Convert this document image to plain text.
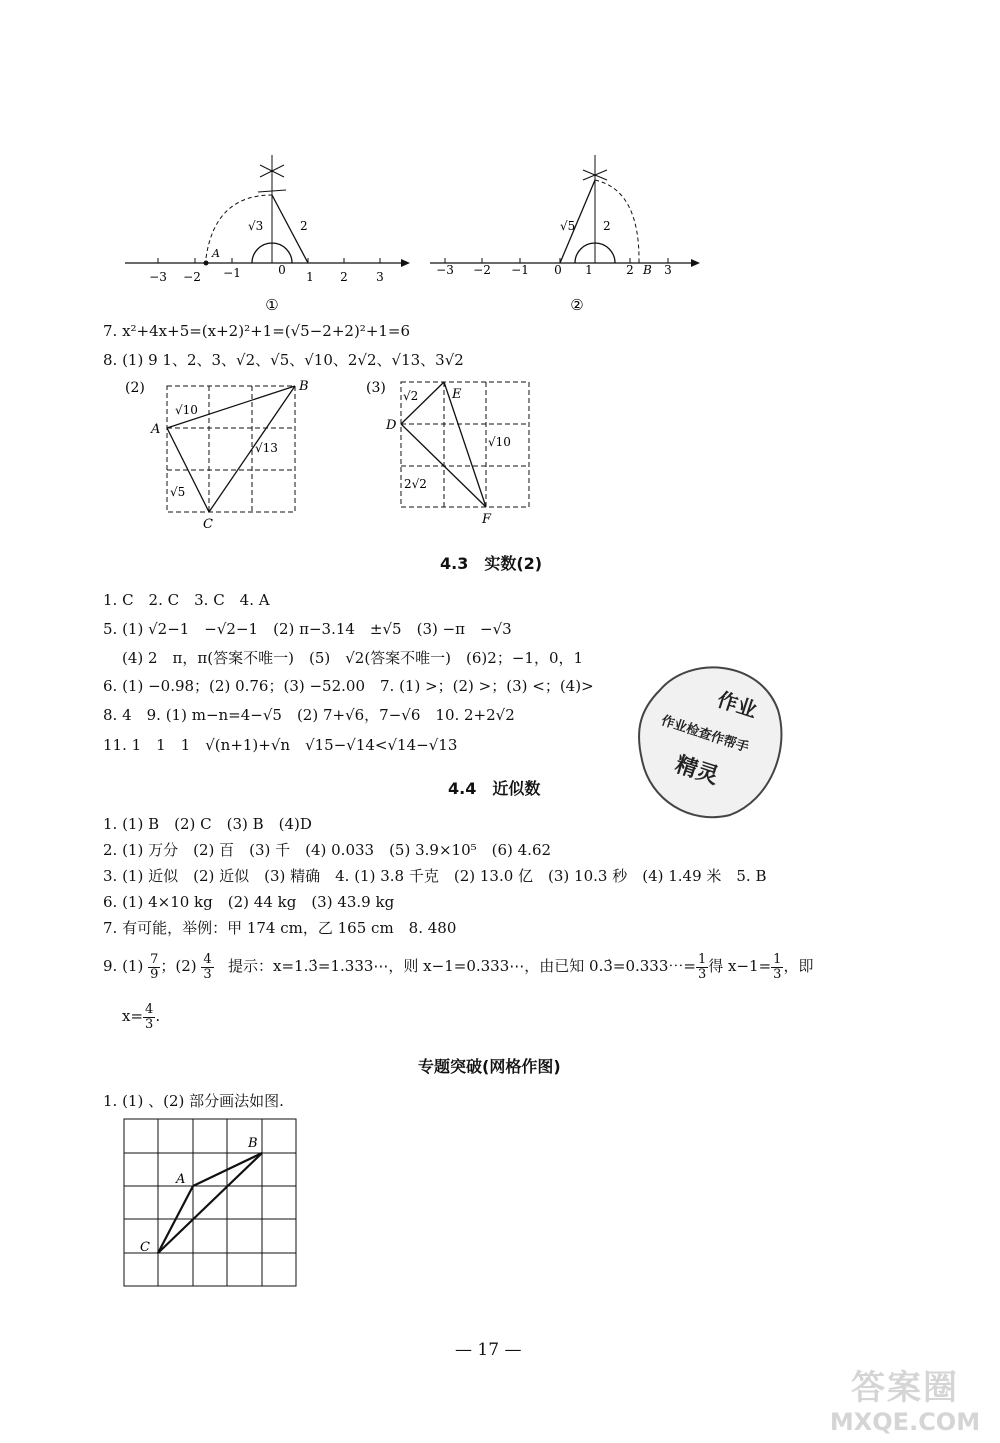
A
√3	2
−3 −2 −1	0 1 2 3
①
√5 2
B
−3 −2 −1 0 1	2	3
②
7. x²+4x+5=(x+2)²+1=(√5−2+2)²+1=6
8. (1) 9 1、2、3、√2、√5、√10、2√2、√13、3√2
(2)
A
B
C
√10
√13
√5
(3)
D
E
F
√2
√10
2√2
4.3　实数(2)
1. C　2. C　3. C　4. A
5. (1) √2−1　−√2−1　(2) π−3.14　±√5　(3) −π　−√3
(4) 2　π，π(答案不唯一)　(5)　√2(答案不唯一)　(6)2；−1，0，1
6. (1) −0.98；(2) 0.76；(3) −52.00　7. (1) >；(2) >；(3) <；(4)>
8. 4　9. (1) m−n=4−√5　(2) 7+√6，7−√6　10. 2+2√2
11. 1　1　1　√(n+1)+√n　√15−√14<√14−√13
作业
作业检查作帮手
精灵
4.4　近似数
1. (1) B　(2) C　(3) B　(4)D
2. (1) 万分　(2) 百　(3) 千　(4) 0.033　(5) 3.9×10⁵　(6) 4.62
3. (1) 近似　(2) 近似　(3) 精确　4. (1) 3.8 千克　(2) 13.0 亿　(3) 10.3 秒　(4) 1.49 米　5. B
6. (1) 4×10 kg　(2) 44 kg　(3) 43.9 kg
7. 有可能，举例：甲 174 cm，乙 165 cm　8. 480
9. $(1) \frac{7}{9}$ ；$(2) \frac{4}{3}$ 提示：x=1.3̇=1.333⋯，则 x−1=0.333⋯，由已知 0.3̇=0.333⋯= $\frac{1}{3}$ 得 $x-1= \frac{1}{3}$ ，即
$x= \frac{4}{3}$ .
专题突破(网格作图)
1. (1) 、(2) 部分画法如图.
A
B
C
— 17 —
答案圈
MXQE.COM
